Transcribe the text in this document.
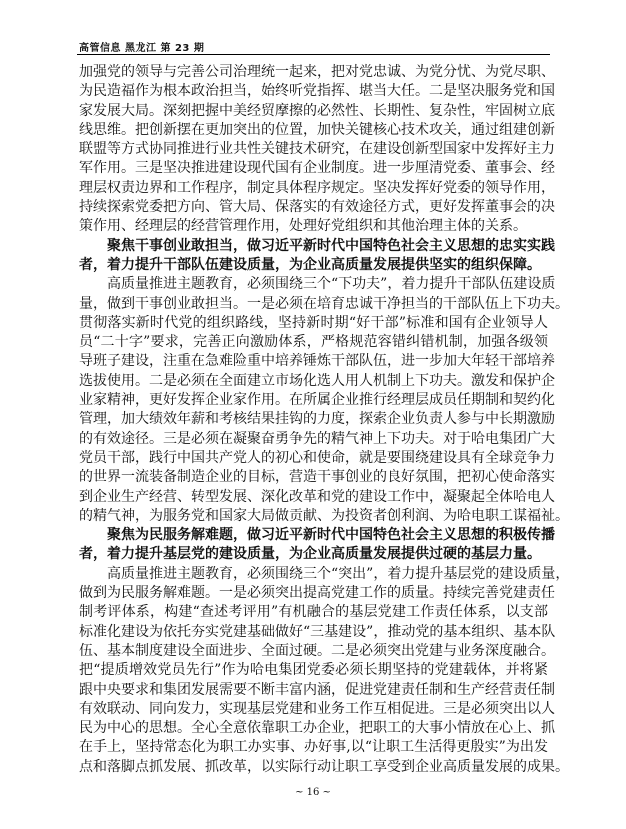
高管信息 黑龙江 第 23 期
加强党的领导与完善公司治理统一起来，把对党忠诚、为党分忧、为党尽职、
为民造福作为根本政治担当，始终听党指挥、堪当大任。二是坚决服务党和国
家发展大局。深刻把握中美经贸摩擦的必然性、长期性、复杂性，牢固树立底
线思维。把创新摆在更加突出的位置，加快关键核心技术攻关，通过组建创新
联盟等方式协同推进行业共性关键技术研究，在建设创新型国家中发挥好主力
军作用。三是坚决推进建设现代国有企业制度。进一步厘清党委、董事会、经
理层权责边界和工作程序，制定具体程序规定。坚决发挥好党委的领导作用，
持续探索党委把方向、管大局、保落实的有效途径方式，更好发挥董事会的决
策作用、经理层的经营管理作用，处理好党组织和其他治理主体的关系。
聚焦干事创业敢担当，做习近平新时代中国特色社会主义思想的忠实实践
者，着力提升干部队伍建设质量，为企业高质量发展提供坚实的组织保障。
高质量推进主题教育，必须围绕三个“下功夫”，着力提升干部队伍建设质
量，做到干事创业敢担当。一是必须在培育忠诚干净担当的干部队伍上下功夫。
贯彻落实新时代党的组织路线，坚持新时期“好干部”标准和国有企业领导人
员“二十字”要求，完善正向激励体系，严格规范容错纠错机制，加强各级领
导班子建设，注重在急难险重中培养锤炼干部队伍，进一步加大年轻干部培养
选拔使用。二是必须在全面建立市场化选人用人机制上下功夫。激发和保护企
业家精神，更好发挥企业家作用。在所属企业推行经理层成员任期制和契约化
管理，加大绩效年薪和考核结果挂钩的力度，探索企业负责人参与中长期激励
的有效途径。三是必须在凝聚奋勇争先的精气神上下功夫。对于哈电集团广大
党员干部，践行中国共产党人的初心和使命，就是要围绕建设具有全球竞争力
的世界一流装备制造企业的目标，营造干事创业的良好氛围，把初心使命落实
到企业生产经营、转型发展、深化改革和党的建设工作中，凝聚起全体哈电人
的精气神，为服务党和国家大局做贡献、为投资者创利润、为哈电职工谋福祉。
聚焦为民服务解难题，做习近平新时代中国特色社会主义思想的积极传播
者，着力提升基层党的建设质量，为企业高质量发展提供过硬的基层力量。
高质量推进主题教育，必须围绕三个“突出”，着力提升基层党的建设质量，
做到为民服务解难题。一是必须突出提高党建工作的质量。持续完善党建责任
制考评体系，构建“查述考评用”有机融合的基层党建工作责任体系，以支部
标准化建设为依托夯实党建基础做好“三基建设”，推动党的基本组织、基本队
伍、基本制度建设全面进步、全面过硬。二是必须突出党建与业务深度融合。
把“提质增效党员先行”作为哈电集团党委必须长期坚持的党建载体，并将紧
跟中央要求和集团发展需要不断丰富内涵，促进党建责任制和生产经营责任制
有效联动、同向发力，实现基层党建和业务工作互相促进。三是必须突出以人
民为中心的思想。全心全意依靠职工办企业，把职工的大事小情放在心上、抓
在手上，坚持常态化为职工办实事、办好事,以“让职工生活得更殷实”为出发
点和落脚点抓发展、抓改革，以实际行动让职工享受到企业高质量发展的成果。
~ 16 ~
